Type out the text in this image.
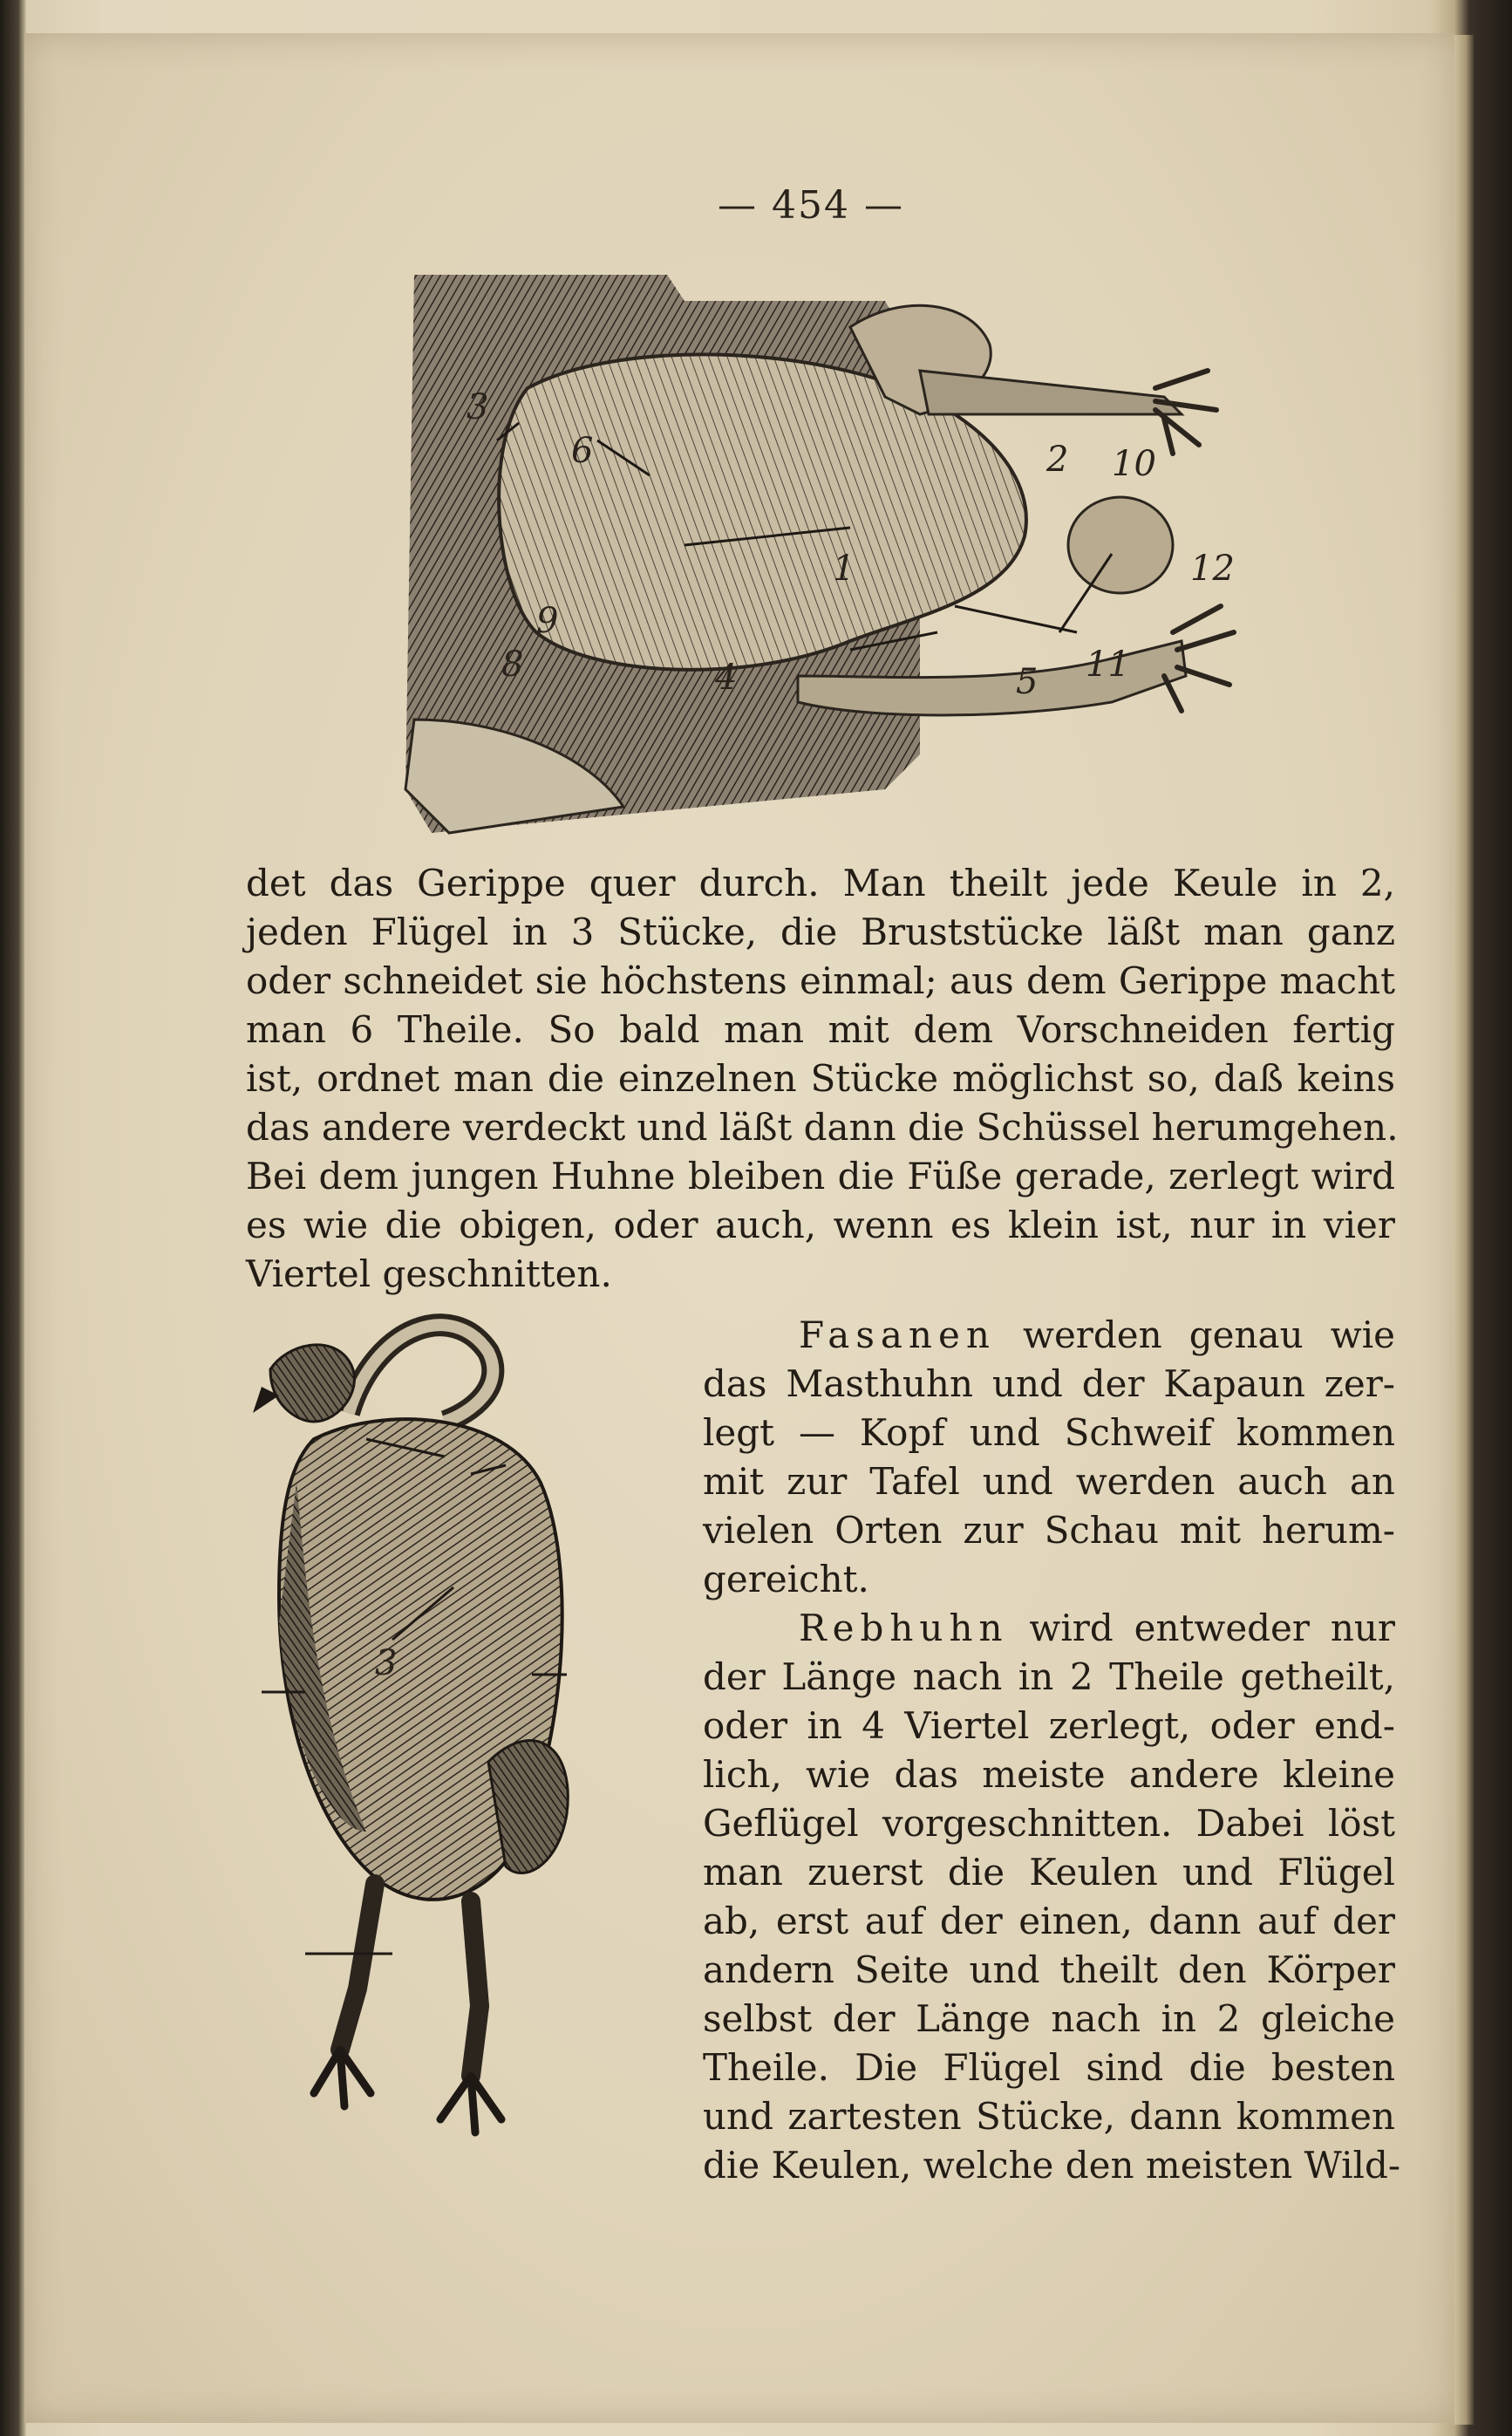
— 454 —
1
2
3
4	5
6
8
9
10
11
12
det das Gerippe quer durch. Man theilt jede Keule in 2,
jeden Flügel in 3 Stücke, die Bruststücke läßt man ganz
oder schneidet sie höchstens einmal; aus dem Gerippe macht
man 6 Theile. So bald man mit dem Vorschneiden fertig
ist, ordnet man die einzelnen Stücke möglichst so, daß keins
das andere verdeckt und läßt dann die Schüssel herumgehen.
Bei dem jungen Huhne bleiben die Füße gerade, zerlegt wird
es wie die obigen, oder auch, wenn es klein ist, nur in vier
Viertel geschnitten.
3
Fasanen werden genau wie
das Masthuhn und der Kapaun zer-
legt — Kopf und Schweif kommen
mit zur Tafel und werden auch an
vielen Orten zur Schau mit herum-
gereicht.
Rebhuhn wird entweder nur
der Länge nach in 2 Theile getheilt,
oder in 4 Viertel zerlegt, oder end-
lich, wie das meiste andere kleine
Geflügel vorgeschnitten. Dabei löst
man zuerst die Keulen und Flügel
ab, erst auf der einen, dann auf der
andern Seite und theilt den Körper
selbst der Länge nach in 2 gleiche
Theile. Die Flügel sind die besten
und zartesten Stücke, dann kommen
die Keulen, welche den meisten Wild-
